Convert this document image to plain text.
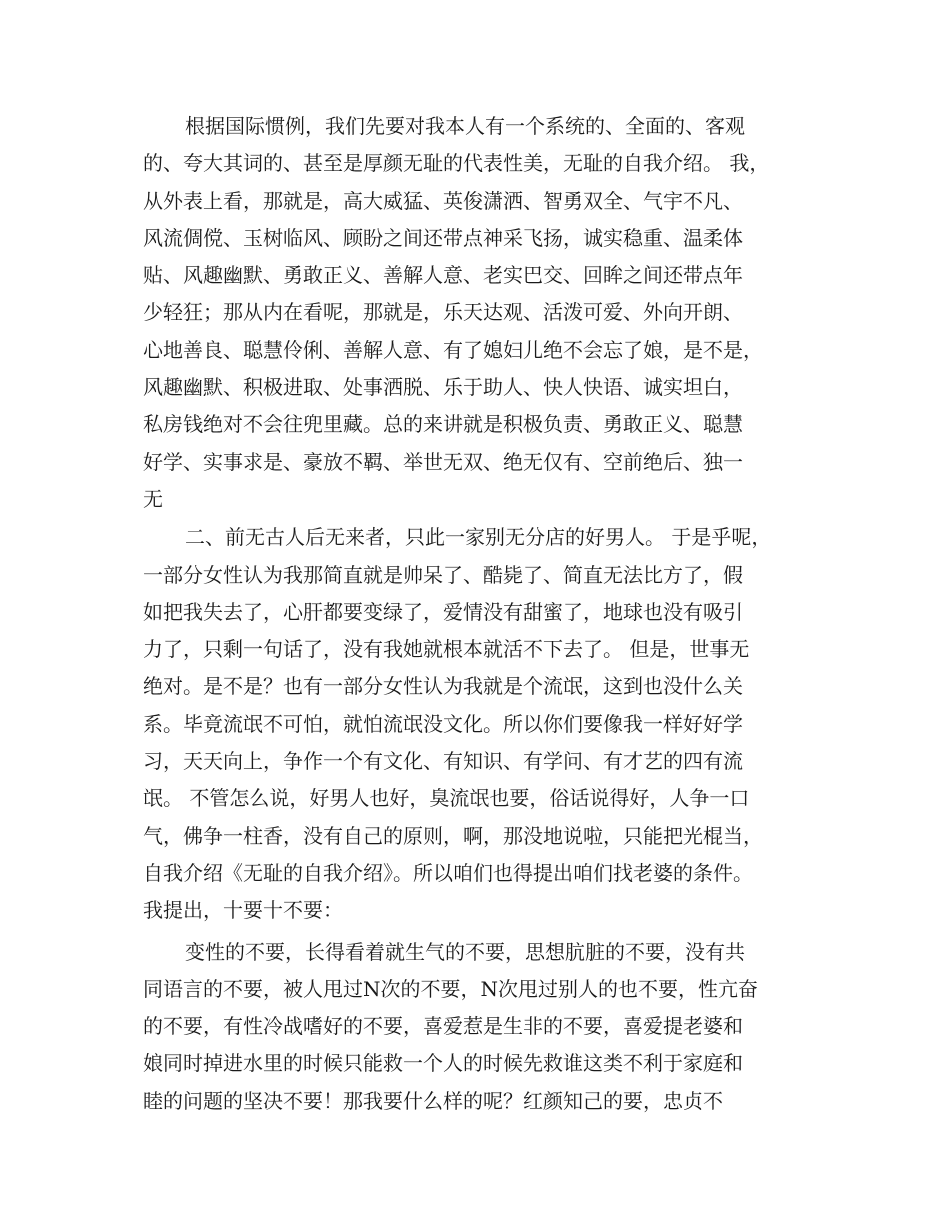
根据国际惯例，我们先要对我本人有一个系统的、全面的、客观
的、夸大其词的、甚至是厚颜无耻的代表性美，无耻的自我介绍。 我，
从外表上看，那就是，高大威猛、英俊潇洒、智勇双全、气宇不凡、
风流倜傥、玉树临风、顾盼之间还带点神采飞扬，诚实稳重、温柔体
贴、风趣幽默、勇敢正义、善解人意、老实巴交、回眸之间还带点年
少轻狂；那从内在看呢，那就是，乐天达观、活泼可爱、外向开朗、
心地善良、聪慧伶俐、善解人意、有了媳妇儿绝不会忘了娘，是不是，
风趣幽默、积极进取、处事洒脱、乐于助人、快人快语、诚实坦白，
私房钱绝对不会往兜里藏。总的来讲就是积极负责、勇敢正义、聪慧
好学、实事求是、豪放不羁、举世无双、绝无仅有、空前绝后、独一
无
二、前无古人后无来者，只此一家别无分店的好男人。 于是乎呢，
一部分女性认为我那简直就是帅呆了、酷毙了、简直无法比方了，假
如把我失去了，心肝都要变绿了，爱情没有甜蜜了，地球也没有吸引
力了，只剩一句话了，没有我她就根本就活不下去了。 但是，世事无
绝对。是不是？也有一部分女性认为我就是个流氓，这到也没什么关
系。毕竟流氓不可怕，就怕流氓没文化。所以你们要像我一样好好学
习，天天向上，争作一个有文化、有知识、有学问、有才艺的四有流
氓。 不管怎么说，好男人也好，臭流氓也要，俗话说得好，人争一口
气，佛争一柱香，没有自己的原则，啊，那没地说啦，只能把光棍当，
自我介绍《无耻的自我介绍》。所以咱们也得提出咱们找老婆的条件。
我提出，十要十不要：
变性的不要，长得看着就生气的不要，思想肮脏的不要，没有共
同语言的不要，被人甩过N次的不要，N次甩过别人的也不要，性亢奋
的不要，有性冷战嗜好的不要，喜爱惹是生非的不要，喜爱提老婆和
娘同时掉进水里的时候只能救一个人的时候先救谁这类不利于家庭和
睦的问题的坚决不要！那我要什么样的呢？红颜知己的要，忠贞不
